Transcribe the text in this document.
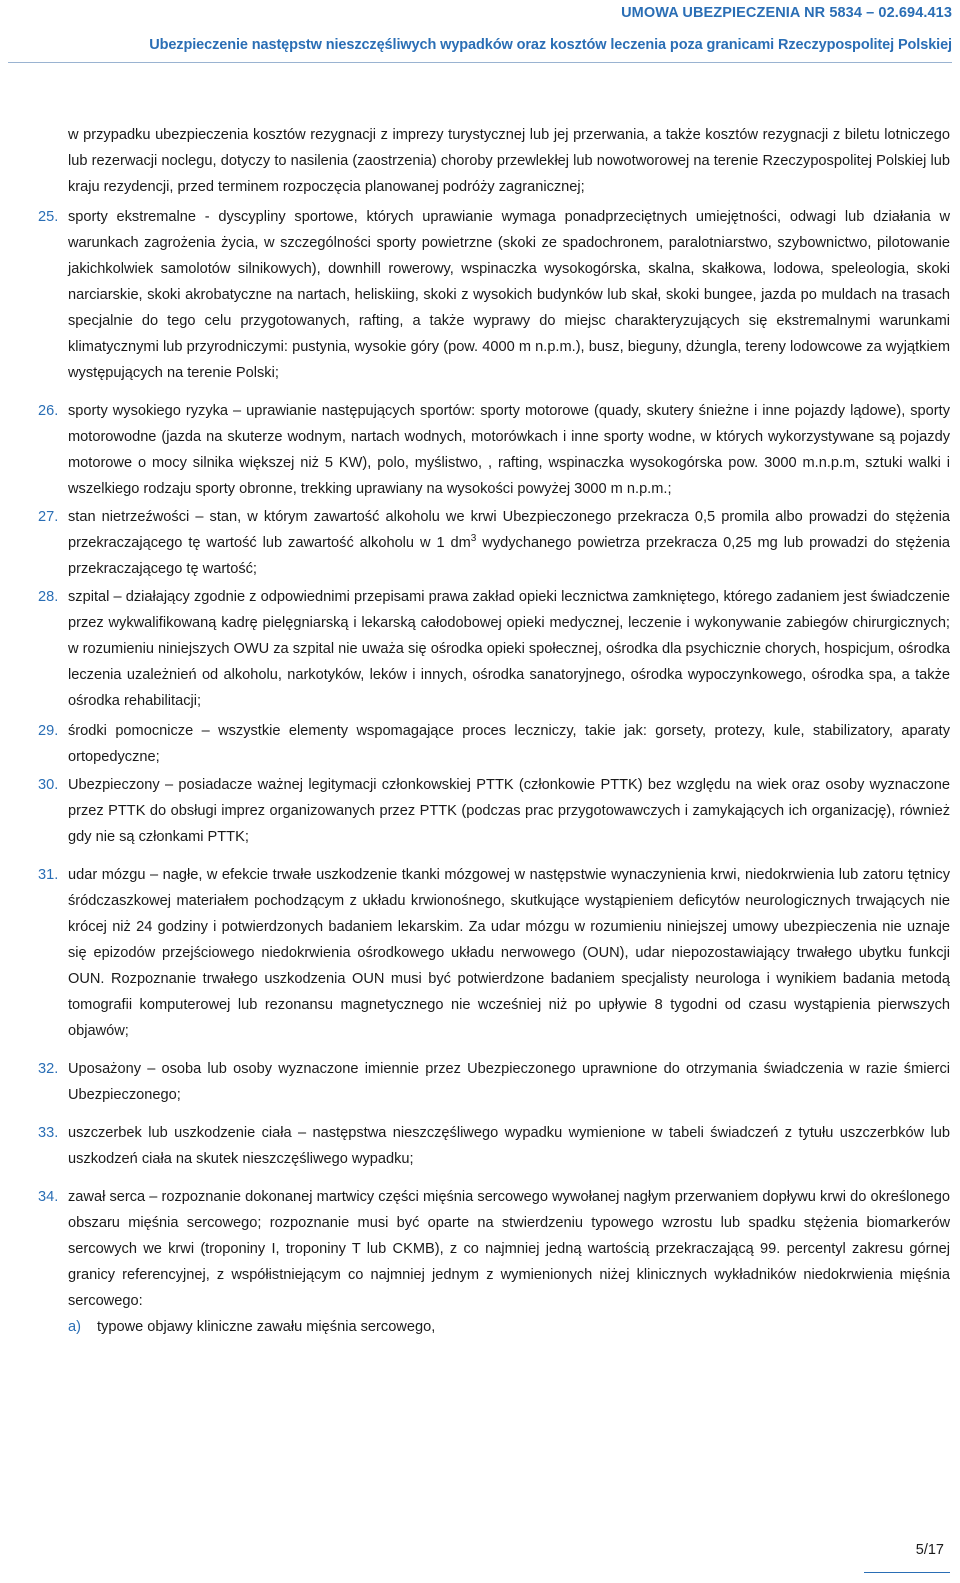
UMOWA UBEZPIECZENIA NR 5834 – 02.694.413
Ubezpieczenie następstw nieszczęśliwych wypadków oraz kosztów leczenia poza granicami Rzeczypospolitej Polskiej
w przypadku ubezpieczenia kosztów rezygnacji z imprezy turystycznej lub jej przerwania, a także kosztów rezygnacji z biletu lotniczego lub rezerwacji noclegu, dotyczy to nasilenia (zaostrzenia) choroby przewlekłej lub nowotworowej na terenie Rzeczypospolitej Polskiej lub kraju rezydencji, przed terminem rozpoczęcia planowanej podróży zagranicznej;
25. sporty ekstremalne - dyscypliny sportowe, których uprawianie wymaga ponadprzeciętnych umiejętności, odwagi lub działania w warunkach zagrożenia życia, w szczególności sporty powietrzne (skoki ze spadochronem, paralotniarstwo, szybownictwo, pilotowanie jakichkolwiek samolotów silnikowych), downhill rowerowy, wspinaczka wysokogórska, skalna, skałkowa, lodowa, speleologia, skoki narciarskie, skoki akrobatyczne na nartach, heliskiing, skoki z wysokich budynków lub skał, skoki bungee, jazda po muldach na trasach specjalnie do tego celu przygotowanych, rafting, a także wyprawy do miejsc charakteryzujących się ekstremalnymi warunkami klimatycznymi lub przyrodniczymi: pustynia, wysokie góry (pow. 4000 m n.p.m.), busz, bieguny, dżungla, tereny lodowcowe za wyjątkiem występujących na terenie Polski;
26. sporty wysokiego ryzyka – uprawianie następujących sportów: sporty motorowe (quady, skutery śnieżne i inne pojazdy lądowe), sporty motorowodne (jazda na skuterze wodnym, nartach wodnych, motorówkach i inne sporty wodne, w których wykorzystywane są pojazdy motorowe o mocy silnika większej niż 5 KW), polo, myślistwo, , rafting, wspinaczka wysokogórska pow. 3000 m.n.p.m, sztuki walki i wszelkiego rodzaju sporty obronne, trekking uprawiany na wysokości powyżej 3000 m n.p.m.;
27. stan nietrzeźwości – stan, w którym zawartość alkoholu we krwi Ubezpieczonego przekracza 0,5 promila albo prowadzi do stężenia przekraczającego tę wartość lub zawartość alkoholu w 1 $dm^3$ wydychanego powietrza przekracza 0,25 mg lub prowadzi do stężenia przekraczającego tę wartość;
28. szpital – działający zgodnie z odpowiednimi przepisami prawa zakład opieki lecznictwa zamkniętego, którego zadaniem jest świadczenie przez wykwalifikowaną kadrę pielęgniarską i lekarską całodobowej opieki medycznej, leczenie i wykonywanie zabiegów chirurgicznych; w rozumieniu niniejszych OWU za szpital nie uważa się ośrodka opieki społecznej, ośrodka dla psychicznie chorych, hospicjum, ośrodka leczenia uzależnień od alkoholu, narkotyków, leków i innych, ośrodka sanatoryjnego, ośrodka wypoczynkowego, ośrodka spa, a także ośrodka rehabilitacji;
29. środki pomocnicze – wszystkie elementy wspomagające proces leczniczy, takie jak: gorsety, protezy, kule, stabilizatory, aparaty ortopedyczne;
30. Ubezpieczony – posiadacze ważnej legitymacji członkowskiej PTTK (członkowie PTTK) bez względu na wiek oraz osoby wyznaczone przez PTTK do obsługi imprez organizowanych przez PTTK (podczas prac przygotowawczych i zamykających ich organizację), również gdy nie są członkami PTTK;
31. udar mózgu – nagłe, w efekcie trwałe uszkodzenie tkanki mózgowej w następstwie wynaczynienia krwi, niedokrwienia lub zatoru tętnicy śródczaszkowej materiałem pochodzącym z układu krwionośnego, skutkujące wystąpieniem deficytów neurologicznych trwających nie krócej niż 24 godziny i potwierdzonych badaniem lekarskim. Za udar mózgu w rozumieniu niniejszej umowy ubezpieczenia nie uznaje się epizodów przejściowego niedokrwienia ośrodkowego układu nerwowego (OUN), udar niepozostawiający trwałego ubytku funkcji OUN. Rozpoznanie trwałego uszkodzenia OUN musi być potwierdzone badaniem specjalisty neurologa i wynikiem badania metodą tomografii komputerowej lub rezonansu magnetycznego nie wcześniej niż po upływie 8 tygodni od czasu wystąpienia pierwszych objawów;
32. Uposażony – osoba lub osoby wyznaczone imiennie przez Ubezpieczonego uprawnione do otrzymania świadczenia w razie śmierci Ubezpieczonego;
33. uszczerbek lub uszkodzenie ciała – następstwa nieszczęśliwego wypadku wymienione w tabeli świadczeń z tytułu uszczerbków lub uszkodzeń ciała na skutek nieszczęśliwego wypadku;
34. zawał serca – rozpoznanie dokonanej martwicy części mięśnia sercowego wywołanej nagłym przerwaniem dopływu krwi do określonego obszaru mięśnia sercowego; rozpoznanie musi być oparte na stwierdzeniu typowego wzrostu lub spadku stężenia biomarkerów sercowych we krwi (troponiny I, troponiny T lub CKMB), z co najmniej jedną wartością przekraczającą 99. percentyl zakresu górnej granicy referencyjnej, z współistniejącym co najmniej jednym z wymienionych niżej klinicznych wykładników niedokrwienia mięśnia sercowego:
a) typowe objawy kliniczne zawału mięśnia sercowego,
5/17
